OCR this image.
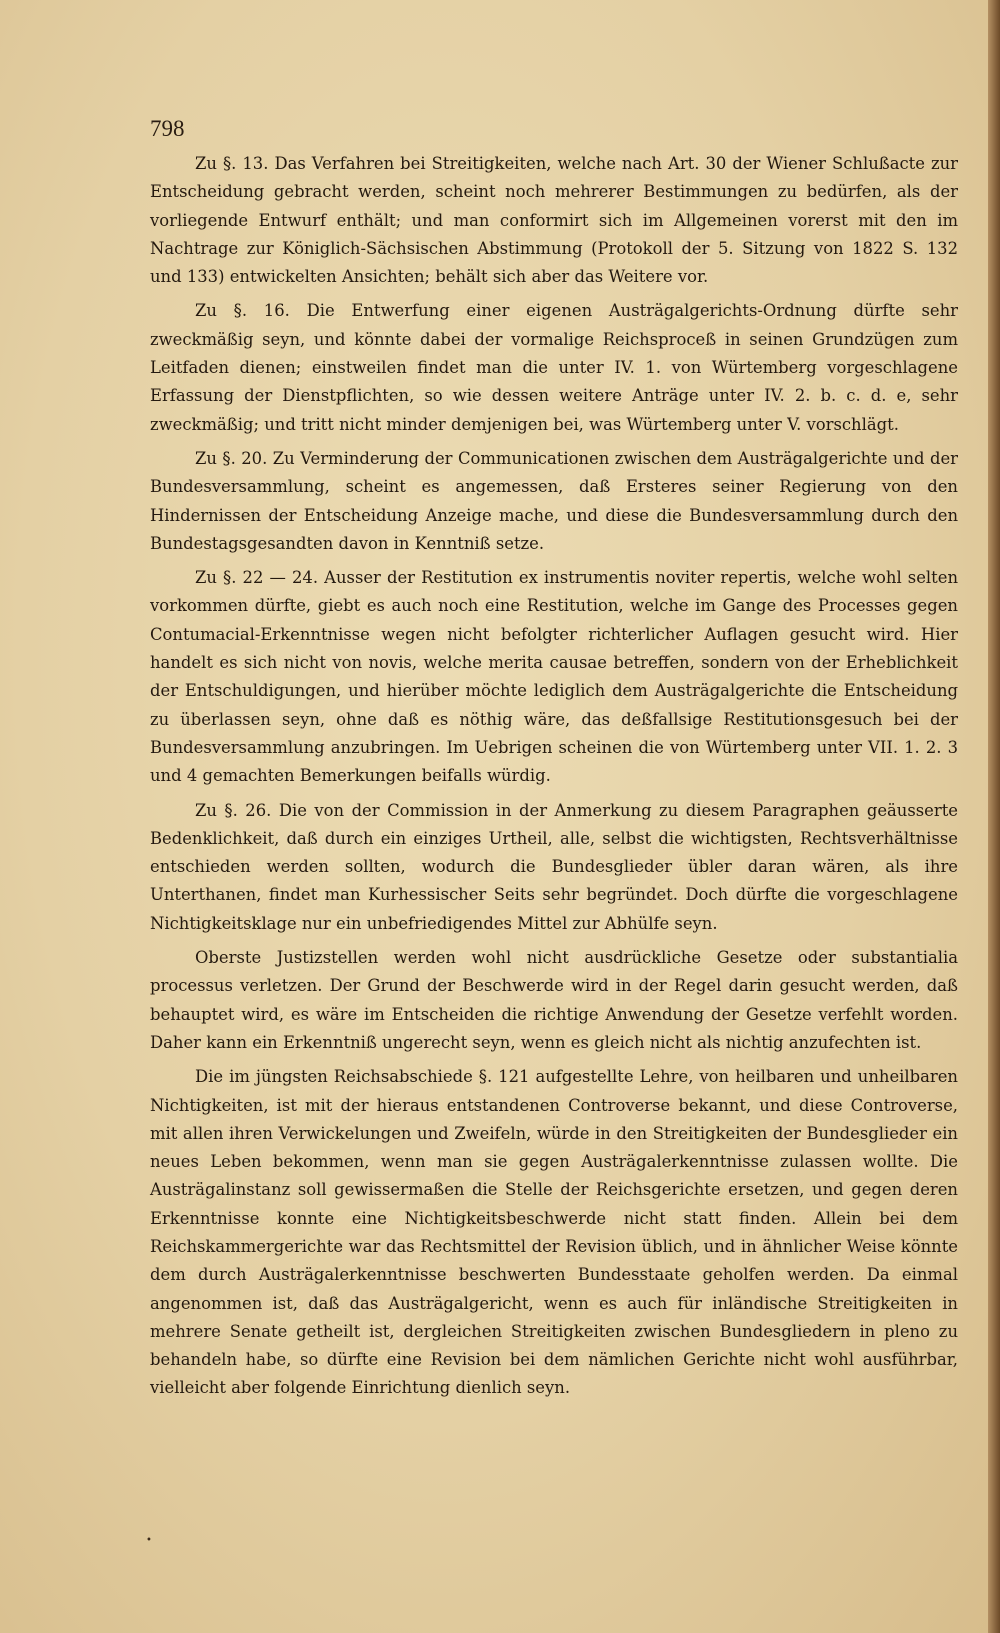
798

Zu §. 13. Das Verfahren bei Streitigkeiten, welche nach Art. 30 der Wiener Schlußacte zur Entscheidung gebracht werden, scheint noch mehrerer Bestimmungen zu bedürfen, als der vorliegende Entwurf enthält; und man conformirt sich im Allgemeinen vorerst mit den im Nachtrage zur Königlich-Sächsischen Abstimmung (Protokoll der 5. Sitzung von 1822 S. 132 und 133) entwickelten Ansichten; behält sich aber das Weitere vor.

Zu §. 16. Die Entwerfung einer eigenen Austrägalgerichts-Ordnung dürfte sehr zweckmäßig seyn, und könnte dabei der vormalige Reichsproceß in seinen Grundzügen zum Leitfaden dienen; einstweilen findet man die unter IV. 1. von Würtemberg vorgeschlagene Erfassung der Dienstpflichten, so wie dessen weitere Anträge unter IV. 2. b. c. d. e, sehr zweckmäßig; und tritt nicht minder demjenigen bei, was Würtemberg unter V. vorschlägt.

Zu §. 20. Zu Verminderung der Communicationen zwischen dem Austrägalgerichte und der Bundesversammlung, scheint es angemessen, daß Ersteres seiner Regierung von den Hindernissen der Entscheidung Anzeige mache, und diese die Bundesversammlung durch den Bundestagsgesandten davon in Kenntniß setze.

Zu §. 22 — 24. Ausser der Restitution ex instrumentis noviter repertis, welche wohl selten vorkommen dürfte, giebt es auch noch eine Restitution, welche im Gange des Processes gegen Contumacial-Erkenntnisse wegen nicht befolgter richterlicher Auflagen gesucht wird. Hier handelt es sich nicht von novis, welche merita causae betreffen, sondern von der Erheblichkeit der Entschuldigungen, und hierüber möchte lediglich dem Austrägalgerichte die Entscheidung zu überlassen seyn, ohne daß es nöthig wäre, das deßfallsige Restitutionsgesuch bei der Bundesversammlung anzubringen. Im Uebrigen scheinen die von Würtemberg unter VII. 1. 2. 3 und 4 gemachten Bemerkungen beifalls würdig.

Zu §. 26. Die von der Commission in der Anmerkung zu diesem Paragraphen geäusserte Bedenklichkeit, daß durch ein einziges Urtheil, alle, selbst die wichtigsten, Rechtsverhältnisse entschieden werden sollten, wodurch die Bundesglieder übler daran wären, als ihre Unterthanen, findet man Kurhessischer Seits sehr begründet. Doch dürfte die vorgeschlagene Nichtigkeitsklage nur ein unbefriedigendes Mittel zur Abhülfe seyn.

Oberste Justizstellen werden wohl nicht ausdrückliche Gesetze oder substantialia processus verletzen. Der Grund der Beschwerde wird in der Regel darin gesucht werden, daß behauptet wird, es wäre im Entscheiden die richtige Anwendung der Gesetze verfehlt worden. Daher kann ein Erkenntniß ungerecht seyn, wenn es gleich nicht als nichtig anzufechten ist.

Die im jüngsten Reichsabschiede §. 121 aufgestellte Lehre, von heilbaren und unheilbaren Nichtigkeiten, ist mit der hieraus entstandenen Controverse bekannt, und diese Controverse, mit allen ihren Verwickelungen und Zweifeln, würde in den Streitigkeiten der Bundesglieder ein neues Leben bekommen, wenn man sie gegen Austrägalerkenntnisse zulassen wollte. Die Austrägalinstanz soll gewissermaßen die Stelle der Reichsgerichte ersetzen, und gegen deren Erkenntnisse konnte eine Nichtigkeitsbeschwerde nicht statt finden. Allein bei dem Reichskammergerichte war das Rechtsmittel der Revision üblich, und in ähnlicher Weise könnte dem durch Austrägalerkenntnisse beschwerten Bundesstaate geholfen werden. Da einmal angenommen ist, daß das Austrägalgericht, wenn es auch für inländische Streitigkeiten in mehrere Senate getheilt ist, dergleichen Streitigkeiten zwischen Bundesgliedern in pleno zu behandeln habe, so dürfte eine Revision bei dem nämlichen Gerichte nicht wohl ausführbar, vielleicht aber folgende Einrichtung dienlich seyn.

•
